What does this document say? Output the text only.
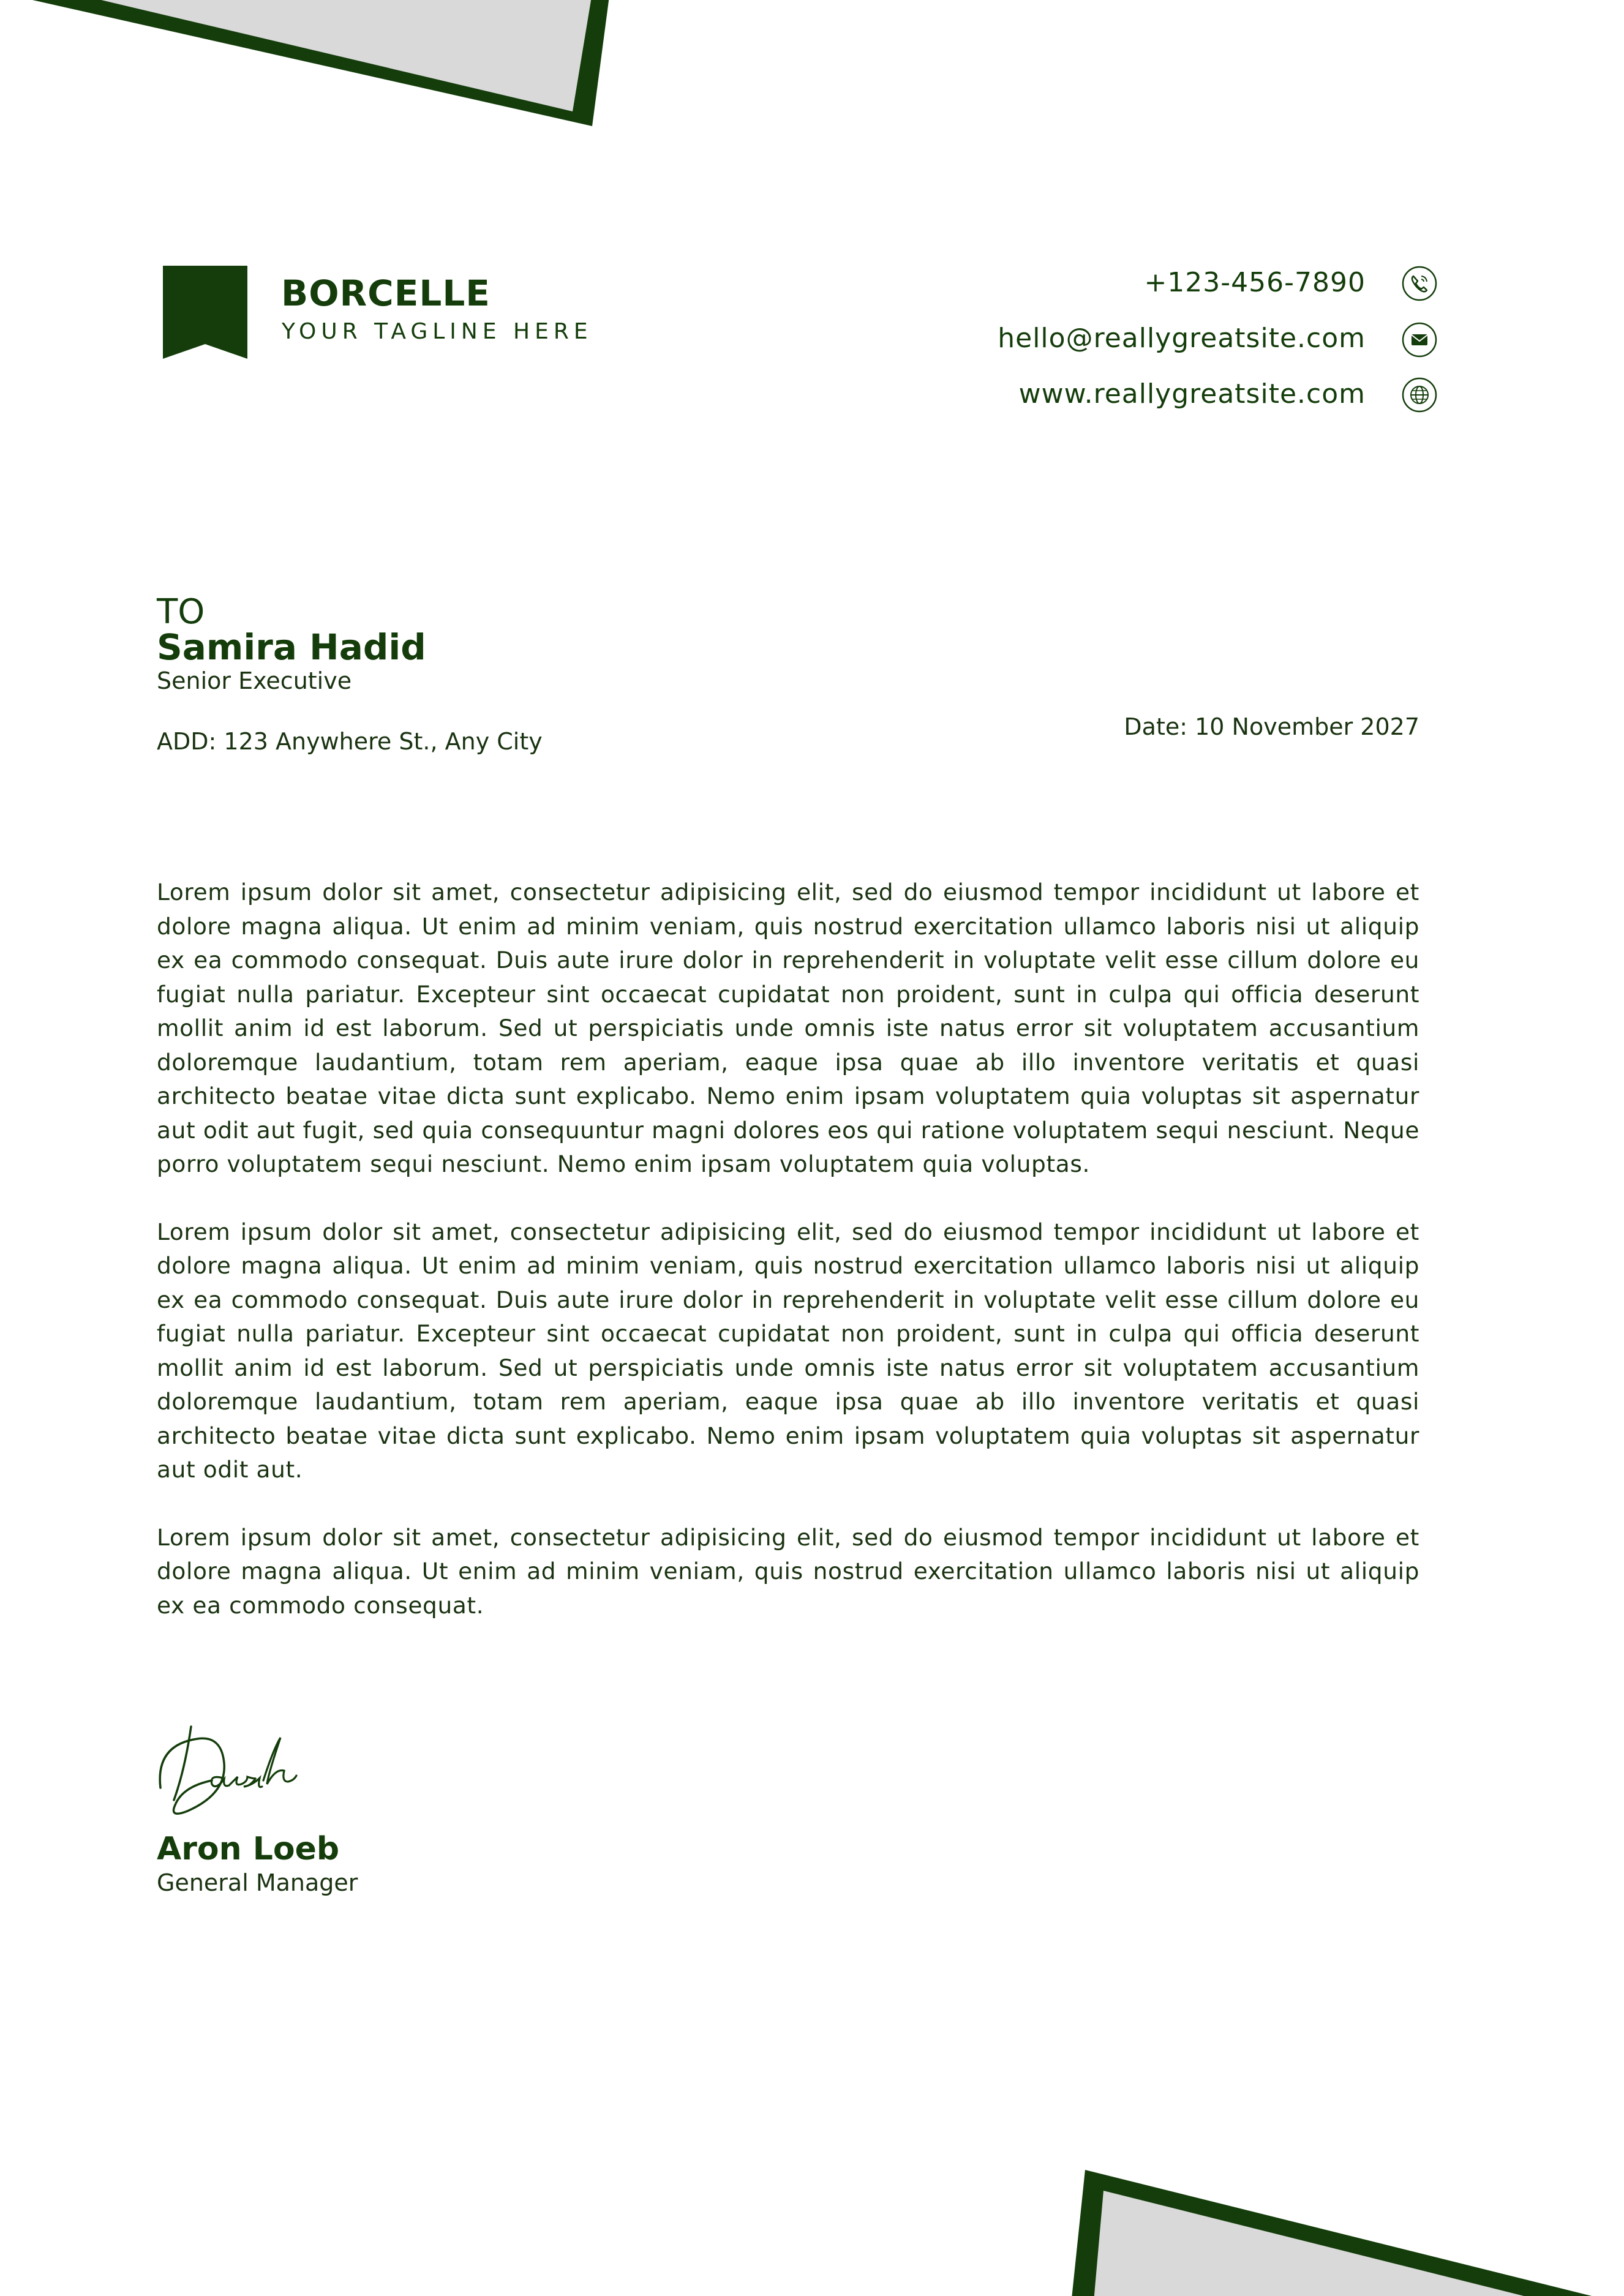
BORCELLE
YOUR TAGLINE HERE
+123-456-7890
hello@reallygreatsite.com
www.reallygreatsite.com
TO
Samira Hadid
Senior Executive
ADD: 123 Anywhere St., Any City
Date: 10 November 2027

Lorem ipsum dolor sit amet, consectetur adipisicing elit, sed do eiusmod tempor incididunt ut labore et dolore magna aliqua. Ut enim ad minim veniam, quis nostrud exercitation ullamco laboris nisi ut aliquip ex ea commodo consequat. Duis aute irure dolor in reprehenderit in voluptate velit esse cillum dolore eu fugiat nulla pariatur. Excepteur sint occaecat cupidatat non proident, sunt in culpa qui officia deserunt mollit anim id est laborum. Sed ut perspiciatis unde omnis iste natus error sit voluptatem accusantium doloremque laudantium, totam rem aperiam, eaque ipsa quae ab illo inventore veritatis et quasi architecto beatae vitae dicta sunt explicabo. Nemo enim ipsam voluptatem quia voluptas sit aspernatur aut odit aut fugit, sed quia consequuntur magni dolores eos qui ratione voluptatem sequi nesciunt. Neque porro voluptatem sequi nesciunt. Nemo enim ipsam voluptatem quia voluptas.

Lorem ipsum dolor sit amet, consectetur adipisicing elit, sed do eiusmod tempor incididunt ut labore et dolore magna aliqua. Ut enim ad minim veniam, quis nostrud exercitation ullamco laboris nisi ut aliquip ex ea commodo consequat. Duis aute irure dolor in reprehenderit in voluptate velit esse cillum dolore eu fugiat nulla pariatur. Excepteur sint occaecat cupidatat non proident, sunt in culpa qui officia deserunt mollit anim id est laborum. Sed ut perspiciatis unde omnis iste natus error sit voluptatem accusantium doloremque laudantium, totam rem aperiam, eaque ipsa quae ab illo inventore veritatis et quasi architecto beatae vitae dicta sunt explicabo. Nemo enim ipsam voluptatem quia voluptas sit aspernatur aut odit aut.

Lorem ipsum dolor sit amet, consectetur adipisicing elit, sed do eiusmod tempor incididunt ut labore et dolore magna aliqua. Ut enim ad minim veniam, quis nostrud exercitation ullamco laboris nisi ut aliquip ex ea commodo consequat.

Aron Loeb
General Manager
